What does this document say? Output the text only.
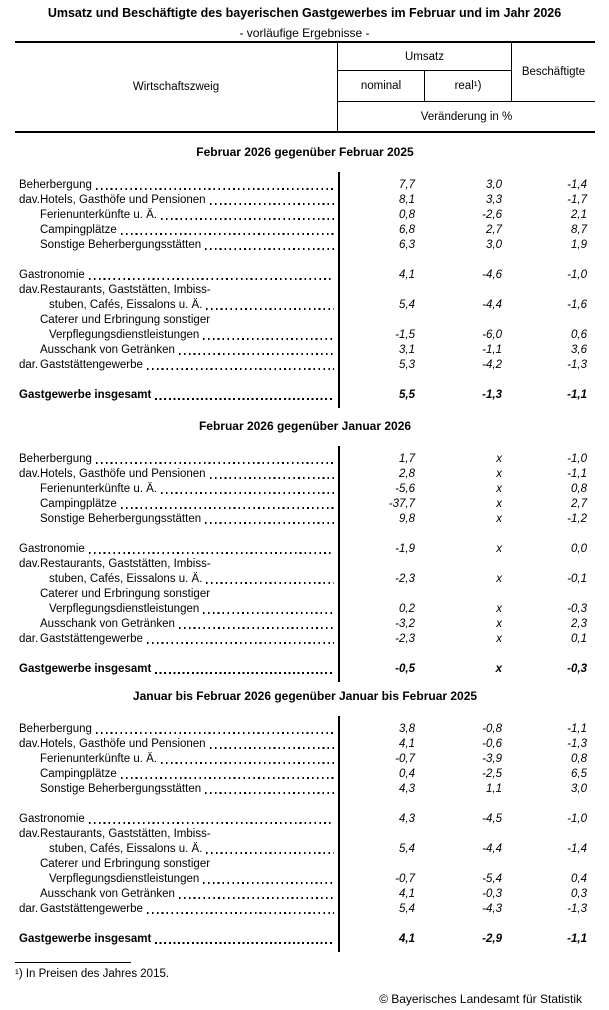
Umsatz und Beschäftigte des bayerischen Gastgewerbes im Februar und im Jahr 2026
- vorläufige Ergebnisse -
Wirtschaftszweig
Umsatz
Beschäftigte
nominal	real¹)
Veränderung in %
Februar 2026 gegenüber Februar 2025
Beherbergung	7,7	3,0	-1,4
dav. Hotels, Gasthöfe und Pensionen	8,1	3,3	-1,7
Ferienunterkünfte u. Ä.	0,8	-2,6	2,1
Campingplätze	6,8	2,7	8,7
Sonstige Beherbergungsstätten	6,3	3,0	1,9
Gastronomie	4,1	-4,6	-1,0
dav. Restaurants, Gaststätten, Imbiss-
stuben, Cafés, Eissalons u. Ä.	5,4	-4,4	-1,6
Caterer und Erbringung sonstiger
Verpflegungsdienstleistungen	-1,5	-6,0	0,6
Ausschank von Getränken	3,1	-1,1	3,6
dar. Gaststättengewerbe	5,3	-4,2	-1,3
Gastgewerbe insgesamt	5,5	-1,3	-1,1
Februar 2026 gegenüber Januar 2026
Beherbergung	1,7	x	-1,0
dav. Hotels, Gasthöfe und Pensionen	2,8	x	-1,1
Ferienunterkünfte u. Ä.	-5,6	x	0,8
Campingplätze	-37,7	x	2,7
Sonstige Beherbergungsstätten	9,8	x	-1,2
Gastronomie	-1,9	x	0,0
dav. Restaurants, Gaststätten, Imbiss-
stuben, Cafés, Eissalons u. Ä.	-2,3	x	-0,1
Caterer und Erbringung sonstiger
Verpflegungsdienstleistungen	0,2	x	-0,3
Ausschank von Getränken	-3,2	x	2,3
dar. Gaststättengewerbe	-2,3	x	0,1
Gastgewerbe insgesamt	-0,5	x	-0,3
Januar bis Februar 2026 gegenüber Januar bis Februar 2025
Beherbergung	3,8	-0,8	-1,1
dav. Hotels, Gasthöfe und Pensionen	4,1	-0,6	-1,3
Ferienunterkünfte u. Ä.	-0,7	-3,9	0,8
Campingplätze	0,4	-2,5	6,5
Sonstige Beherbergungsstätten	4,3	1,1	3,0
Gastronomie	4,3	-4,5	-1,0
dav. Restaurants, Gaststätten, Imbiss-
stuben, Cafés, Eissalons u. Ä.	5,4	-4,4	-1,4
Caterer und Erbringung sonstiger
Verpflegungsdienstleistungen	-0,7	-5,4	0,4
Ausschank von Getränken	4,1	-0,3	0,3
dar. Gaststättengewerbe	5,4	-4,3	-1,3
Gastgewerbe insgesamt	4,1	-2,9	-1,1
¹) In Preisen des Jahres 2015.
© Bayerisches Landesamt für Statistik
